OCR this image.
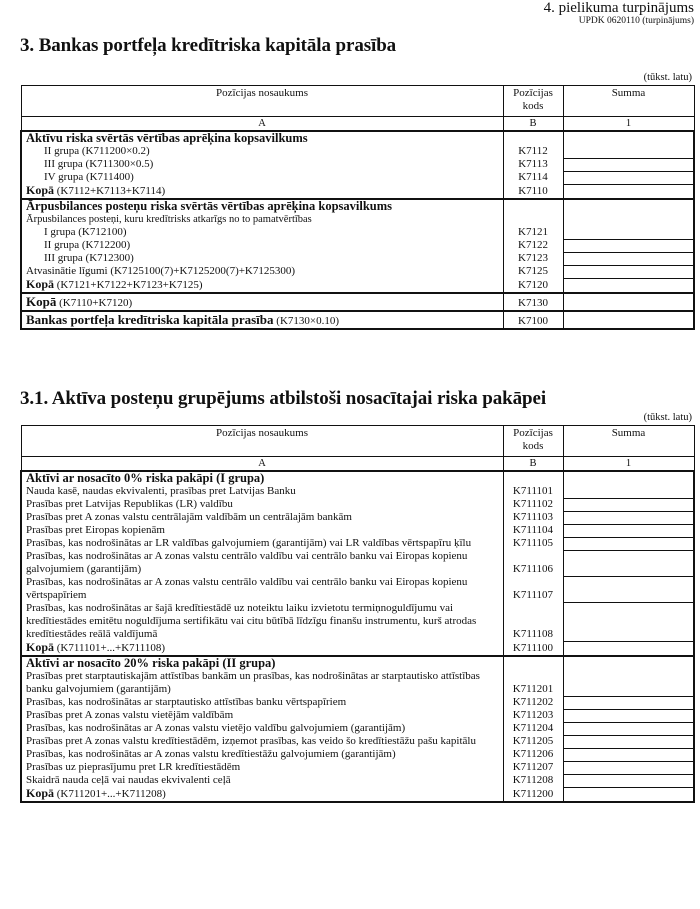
4. pielikuma turpinājums
UPDK 0620110 (turpinājums)
3. Bankas portfeļa kredītriska kapitāla prasība
(tūkst. latu)
Pozīcijas nosaukums	Pozīcijas kods	Summa
A	B	1
Aktīvu riska svērtās vērtības aprēķina kopsavilkums		
II grupa (K711200×0.2)	K7112	
III grupa (K711300×0.5)	K7113	
IV grupa (K711400)	K7114	
Kopā (K7112+K7113+K7114)	K7110	
Ārpusbilances posteņu riska svērtās vērtības aprēķina kopsavilkums		
Ārpusbilances posteņi, kuru kredītrisks atkarīgs no to pamatvērtības		
I grupa (K712100)	K7121	
II grupa (K712200)	K7122	
III grupa (K712300)	K7123	
Atvasinātie līgumi (K7125100(7)+K7125200(7)+K7125300)	K7125	
Kopā (K7121+K7122+K7123+K7125)	K7120	
Kopā (K7110+K7120)	K7130	
Bankas portfeļa kredītriska kapitāla prasība (K7130×0.10)	K7100	
3.1. Aktīva posteņu grupējums atbilstoši nosacītajai riska pakāpei
(tūkst. latu)
Pozīcijas nosaukums	Pozīcijas kods	Summa
A	B	1
Aktīvi ar nosacīto 0% riska pakāpi (I grupa)		
Nauda kasē, naudas ekvivalenti, prasības pret Latvijas Banku	K711101	
Prasības pret Latvijas Republikas (LR) valdību	K711102	
Prasības pret A zonas valstu centrālajām valdībām un centrālajām bankām	K711103	
Prasības pret Eiropas kopienām	K711104	
Prasības, kas nodrošinātas ar LR valdības galvojumiem (garantijām) vai LR valdības vērtspapīru ķīlu	K711105	
Prasības, kas nodrošinātas ar A zonas valstu centrālo valdību vai centrālo banku vai Eiropas kopienu galvojumiem (garantijām)	K711106	
Prasības, kas nodrošinātas ar A zonas valstu centrālo valdību vai centrālo banku vai Eiropas kopienu vērtspapīriem	K711107	
Prasības, kas nodrošinātas ar šajā kredītiestādē uz noteiktu laiku izvietotu termiņnoguldījumu vai kredītiestādes emitētu noguldījuma sertifikātu vai citu būtībā līdzīgu finanšu instrumentu, kurš atrodas kredītiestādes reālā valdījumā	K711108	
Kopā (K711101+...+K711108)	K711100	
Aktīvi ar nosacīto 20% riska pakāpi (II grupa)		
Prasības pret starptautiskajām attīstības bankām un prasības, kas nodrošinātas ar starptautisko attīstības banku galvojumiem (garantijām)	K711201	
Prasības, kas nodrošinātas ar starptautisko attīstības banku vērtspapīriem	K711202	
Prasības pret A zonas valstu vietējām valdībām	K711203	
Prasības, kas nodrošinātas ar A zonas valstu vietējo valdību galvojumiem (garantijām)	K711204	
Prasības pret A zonas valstu kredītiestādēm, izņemot prasības, kas veido šo kredītiestāžu pašu kapitālu	K711205	
Prasības, kas nodrošinātas ar A zonas valstu kredītiestāžu galvojumiem (garantijām)	K711206	
Prasības uz pieprasījumu pret LR kredītiestādēm	K711207	
Skaidrā nauda ceļā vai naudas ekvivalenti ceļā	K711208	
Kopā (K711201+...+K711208)	K711200	
